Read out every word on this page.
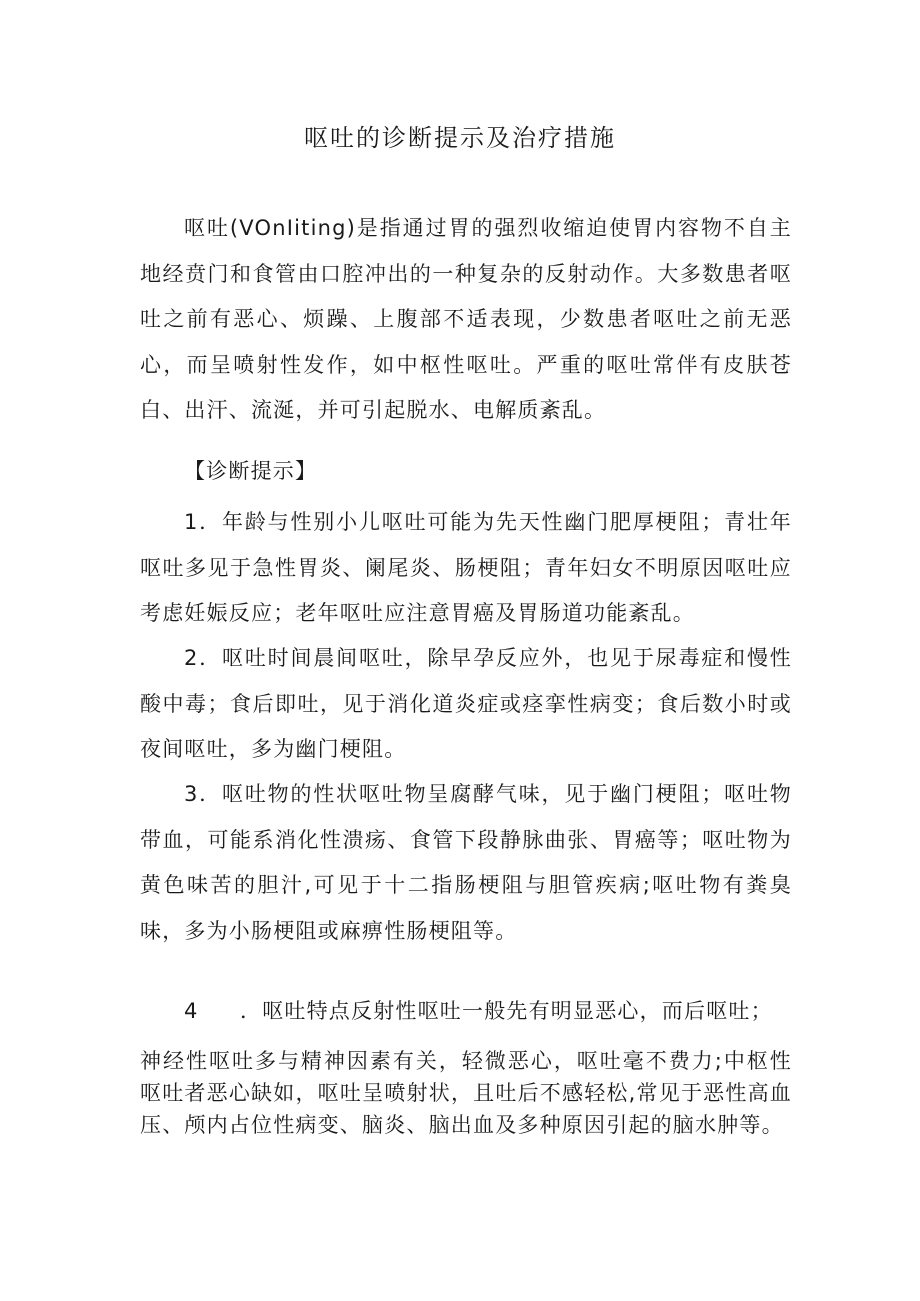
呕吐的诊断提示及治疗措施

呕吐(VOnIiting)是指通过胃的强烈收缩迫使胃内容物不自主地经贲门和食管由口腔冲出的一种复杂的反射动作。大多数患者呕吐之前有恶心、烦躁、上腹部不适表现，少数患者呕吐之前无恶心，而呈喷射性发作，如中枢性呕吐。严重的呕吐常伴有皮肤苍白、出汗、流涎，并可引起脱水、电解质紊乱。

【诊断提示】

1．年龄与性别小儿呕吐可能为先天性幽门肥厚梗阻；青壮年呕吐多见于急性胃炎、阑尾炎、肠梗阻；青年妇女不明原因呕吐应考虑妊娠反应；老年呕吐应注意胃癌及胃肠道功能紊乱。

2．呕吐时间晨间呕吐，除早孕反应外，也见于尿毒症和慢性酸中毒；食后即吐，见于消化道炎症或痉挛性病变；食后数小时或夜间呕吐，多为幽门梗阻。

3．呕吐物的性状呕吐物呈腐酵气味，见于幽门梗阻；呕吐物带血，可能系消化性溃疡、食管下段静脉曲张、胃癌等；呕吐物为黄色味苦的胆汁,可见于十二指肠梗阻与胆管疾病;呕吐物有粪臭味，多为小肠梗阻或麻痹性肠梗阻等。

4 ．呕吐特点反射性呕吐一般先有明显恶心，而后呕吐；

神经性呕吐多与精神因素有关，轻微恶心，呕吐毫不费力;中枢性呕吐者恶心缺如，呕吐呈喷射状，且吐后不感轻松,常见于恶性高血压、颅内占位性病变、脑炎、脑出血及多种原因引起的脑水肿等。
